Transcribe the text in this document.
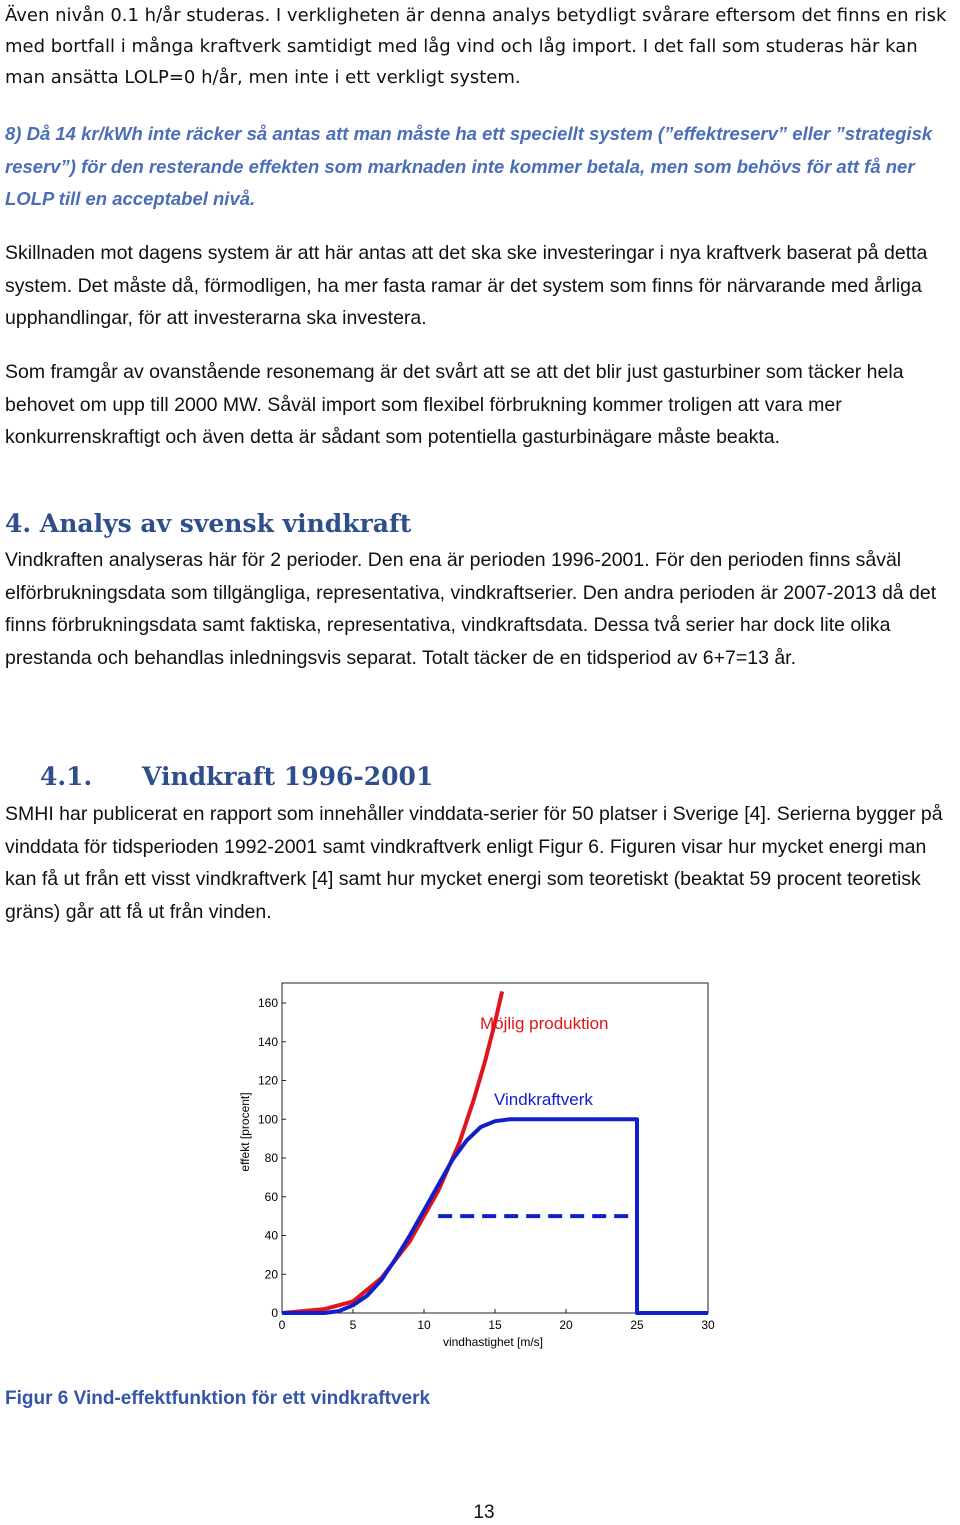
Även nivån 0.1 h/år studeras. I verkligheten är denna analys betydligt svårare eftersom det finns en risk med bortfall i många kraftverk samtidigt med låg vind och låg import. I det fall som studeras här kan man ansätta LOLP=0 h/år, men inte i ett verkligt system.

8) Då 14 kr/kWh inte räcker så antas att man måste ha ett speciellt system (”effektreserv” eller ”strategisk reserv”) för den resterande effekten som marknaden inte kommer betala, men som behövs för att få ner LOLP till en acceptabel nivå.

Skillnaden mot dagens system är att här antas att det ska ske investeringar i nya kraftverk baserat på detta system. Det måste då, förmodligen, ha mer fasta ramar är det system som finns för närvarande med årliga upphandlingar, för att investerarna ska investera.

Som framgår av ovanstående resonemang är det svårt att se att det blir just gasturbiner som täcker hela behovet om upp till 2000 MW. Såväl import som flexibel förbrukning kommer troligen att vara mer konkurrenskraftigt och även detta är sådant som potentiella gasturbinägare måste beakta.

4. Analys av svensk vindkraft

Vindkraften analyseras här för 2 perioder. Den ena är perioden 1996-2001. För den perioden finns såväl elförbrukningsdata som tillgängliga, representativa, vindkraftserier. Den andra perioden är 2007-2013 då det finns förbrukningsdata samt faktiska, representativa, vindkraftsdata. Dessa två serier har dock lite olika prestanda och behandlas inledningsvis separat. Totalt täcker de en tidsperiod av 6+7=13 år.

4.1. Vindkraft 1996-2001

SMHI har publicerat en rapport som innehåller vinddata-serier för 50 platser i Sverige [4]. Serierna bygger på vinddata för tidsperioden 1992-2001 samt vindkraftverk enligt Figur 6. Figuren visar hur mycket energi man kan få ut från ett visst vindkraftverk [4] samt hur mycket energi som teoretiskt (beaktat 59 procent teoretisk gräns) går att få ut från vinden.

0	5	10	15	20	25	30
0
20
40
60
80
100
120
140
160
effekt [procent]
vindhastighet [m/s]
Möjlig produktion
Vindkraftverk

Figur 6 Vind-effektfunktion för ett vindkraftverk

13
